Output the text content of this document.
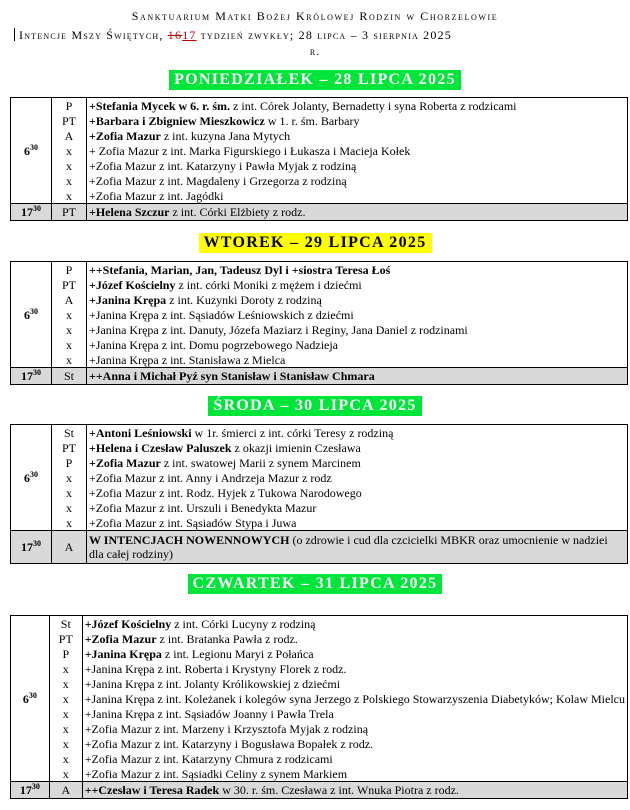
Sanktuarium Matki Bożej Królowej Rodzin w Chorzelowie
Intencje Mszy Świętych, 1617 tydzień zwykły; 28 lipca – 3 sierpnia 2025
r.
PONIEDZIAŁEK – 28 LIPCA 2025
$6^{30}$	P	+Stefania Mycek w 6. r. śm. z int. Córek Jolanty, Bernadetty i syna Roberta z rodzicami
	PT	+Barbara i Zbigniew Mieszkowicz w 1. r. śm. Barbary
	A	+Zofia Mazur z int. kuzyna Jana Mytych
	x	+ Zofia Mazur z int. Marka Figurskiego i Łukasza i Macieja Kołek
	x	+Zofia Mazur z int. Katarzyny i Pawła Myjak z rodziną
	x	+Zofia Mazur z int. Magdaleny i Grzegorza z rodziną
	x	+Zofia Mazur z int. Jagódki
$17^{30}$	PT	+Helena Szczur z int. Córki Elżbiety z rodz.
WTOREK – 29 LIPCA 2025
$6^{30}$	P	++Stefania, Marian, Jan, Tadeusz Dyl i +siostra Teresa Łoś
	PT	+Józef Kościelny z int. córki Moniki z mężem i dziećmi
	A	+Janina Krępa z int. Kuzynki Doroty z rodziną
	x	+Janina Krępa z int. Sąsiadów Leśniowskich z dziećmi
	x	+Janina Krępa z int. Danuty, Józefa Maziarz i Reginy, Jana Daniel z rodzinami
	x	+Janina Krępa z int. Domu pogrzebowego Nadzieja
	x	+Janina Krępa z int. Stanisława z Mielca
$17^{30}$	St	++Anna i Michał Pyź syn Stanisław i Stanisław Chmara
ŚRODA – 30 LIPCA 2025
$6^{30}$	St	+Antoni Leśniowski w 1r. śmierci z int. córki Teresy z rodziną
	PT	+Helena i Czesław Paluszek z okazji imienin Czesława
	P	+Zofia Mazur z int. swatowej Marii z synem Marcinem
	x	+Zofia Mazur z int. Anny i Andrzeja Mazur z rodz
	x	+Zofia Mazur z int. Rodz. Hyjek z Tukowa Narodowego
	x	+Zofia Mazur z int. Urszuli i Benedykta Mazur
	x	+Zofia Mazur z int. Sąsiadów Stypa i Juwa
$17^{30}$	A	W INTENCJACH NOWENNOWYCH (o zdrowie i cud dla czcicielki MBKR oraz umocnienie w nadziei dla całej rodziny)
CZWARTEK – 31 LIPCA 2025
$6^{30}$	St	+Józef Kościelny z int. Córki Lucyny z rodziną
	PT	+Zofia Mazur z int. Bratanka Pawła z rodz.
	P	+Janina Krępa z int. Legionu Maryi z Połańca
	x	+Janina Krępa z int. Roberta i Krystyny Florek z rodz.
	x	+Janina Krępa z int. Jolanty Królikowskiej z dziećmi
	x	+Janina Krępa z int. Koleżanek i kolegów syna Jerzego z Polskiego Stowarzyszenia Diabetyków; Kolaw Mielcu
	x	+Janina Krępa z int. Sąsiadów Joanny i Pawła Trela
	x	+Zofia Mazur z int. Marzeny i Krzysztofa Myjak z rodziną
	x	+Zofia Mazur z int. Katarzyny i Bogusława Bopałek z rodz.
	x	+Zofia Mazur z int. Katarzyny Chmura z rodzicami
	x	+Zofia Mazur z int. Sąsiadki Celiny z synem Markiem
$17^{30}$	A	++Czesław i Teresa Radek w 30. r. śm. Czesława z int. Wnuka Piotra z rodz.
